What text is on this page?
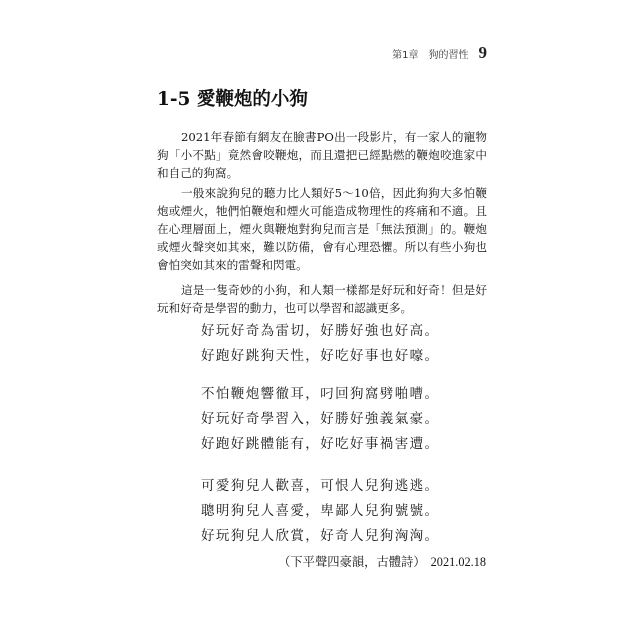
第1章 狗的習性 9
1-5 愛鞭炮的小狗
2021年春節有網友在臉書PO出一段影片，有一家人的寵物
狗「小不點」竟然會咬鞭炮，而且還把已經點燃的鞭炮咬進家中
和自己的狗窩。
一般來說狗兒的聽力比人類好5～10倍，因此狗狗大多怕鞭
炮或煙火，牠們怕鞭炮和煙火可能造成物理性的疼痛和不適。且
在心理層面上，煙火與鞭炮對狗兒而言是「無法預測」的。鞭炮
或煙火聲突如其來，難以防備，會有心理恐懼。所以有些小狗也
會怕突如其來的雷聲和閃電。
這是一隻奇妙的小狗，和人類一樣都是好玩和好奇！但是好
玩和好奇是學習的動力，也可以學習和認識更多。
好玩好奇為雷切，好勝好強也好高。
好跑好跳狗天性，好吃好事也好嚎。
不怕鞭炮響徹耳，叼回狗窩劈啪嘈。
好玩好奇學習入，好勝好強義氣豪。
好跑好跳體能有，好吃好事禍害遭。
可愛狗兒人歡喜，可恨人兒狗逃逃。
聰明狗兒人喜愛，卑鄙人兒狗號號。
好玩狗兒人欣賞，好奇人兒狗洶洶。
（下平聲四豪韻，古體詩） 2021.02.18
